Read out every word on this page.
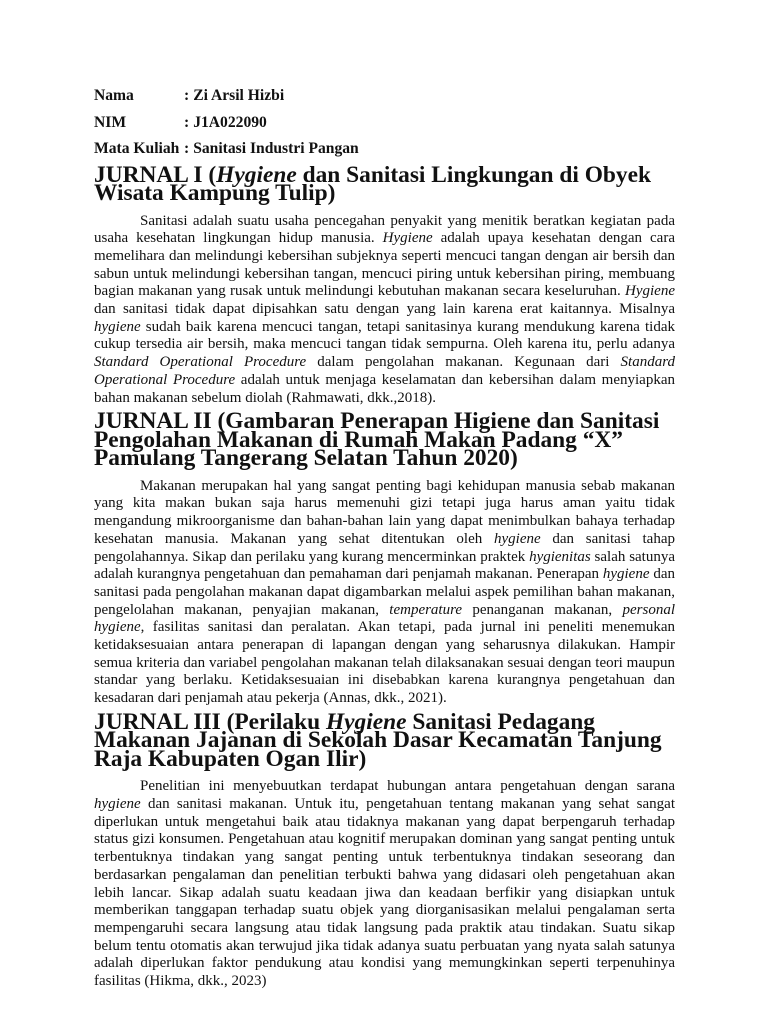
Nama	: Zi Arsil Hizbi
NIM	: J1A022090
Mata Kuliah : Sanitasi Industri Pangan
JURNAL I (Hygiene dan Sanitasi Lingkungan di Obyek Wisata Kampung Tulip)

Sanitasi adalah suatu usaha pencegahan penyakit yang menitik beratkan kegiatan pada usaha kesehatan lingkungan hidup manusia. Hygiene adalah upaya kesehatan dengan cara memelihara dan melindungi kebersihan subjeknya seperti mencuci tangan dengan air bersih dan sabun untuk melindungi kebersihan tangan, mencuci piring untuk kebersihan piring, membuang bagian makanan yang rusak untuk melindungi kebutuhan makanan secara keseluruhan. Hygiene dan sanitasi tidak dapat dipisahkan satu dengan yang lain karena erat kaitannya. Misalnya hygiene sudah baik karena mencuci tangan, tetapi sanitasinya kurang mendukung karena tidak cukup tersedia air bersih, maka mencuci tangan tidak sempurna. Oleh karena itu, perlu adanya Standard Operational Procedure dalam pengolahan makanan. Kegunaan dari Standard Operational Procedure adalah untuk menjaga keselamatan dan kebersihan dalam menyiapkan bahan makanan sebelum diolah (Rahmawati, dkk.,2018).

JURNAL II (Gambaran Penerapan Higiene dan Sanitasi Pengolahan Makanan di Rumah Makan Padang “X” Pamulang Tangerang Selatan Tahun 2020)

Makanan merupakan hal yang sangat penting bagi kehidupan manusia sebab makanan yang kita makan bukan saja harus memenuhi gizi tetapi juga harus aman yaitu tidak mengandung mikroorganisme dan bahan-bahan lain yang dapat menimbulkan bahaya terhadap kesehatan manusia. Makanan yang sehat ditentukan oleh hygiene dan sanitasi tahap pengolahannya. Sikap dan perilaku yang kurang mencerminkan praktek hygienitas salah satunya adalah kurangnya pengetahuan dan pemahaman dari penjamah makanan. Penerapan hygiene dan sanitasi pada pengolahan makanan dapat digambarkan melalui aspek pemilihan bahan makanan, pengelolahan makanan, penyajian makanan, temperature penanganan makanan, personal hygiene, fasilitas sanitasi dan peralatan. Akan tetapi, pada jurnal ini peneliti menemukan ketidaksesuaian antara penerapan di lapangan dengan yang seharusnya dilakukan. Hampir semua kriteria dan variabel pengolahan makanan telah dilaksanakan sesuai dengan teori maupun standar yang berlaku. Ketidaksesuaian ini disebabkan karena kurangnya pengetahuan dan kesadaran dari penjamah atau pekerja (Annas, dkk., 2021).

JURNAL III (Perilaku Hygiene Sanitasi Pedagang Makanan Jajanan di Sekolah Dasar Kecamatan Tanjung Raja Kabupaten Ogan Ilir)

Penelitian ini menyebuutkan terdapat hubungan antara pengetahuan dengan sarana hygiene dan sanitasi makanan. Untuk itu, pengetahuan tentang makanan yang sehat sangat diperlukan untuk mengetahui baik atau tidaknya makanan yang dapat berpengaruh terhadap status gizi konsumen. Pengetahuan atau kognitif merupakan dominan yang sangat penting untuk terbentuknya tindakan yang sangat penting untuk terbentuknya tindakan seseorang dan berdasarkan pengalaman dan penelitian terbukti bahwa yang didasari oleh pengetahuan akan lebih lancar. Sikap adalah suatu keadaan jiwa dan keadaan berfikir yang disiapkan untuk memberikan tanggapan terhadap suatu objek yang diorganisasikan melalui pengalaman serta mempengaruhi secara langsung atau tidak langsung pada praktik atau tindakan. Suatu sikap belum tentu otomatis akan terwujud jika tidak adanya suatu perbuatan yang nyata salah satunya adalah diperlukan faktor pendukung atau kondisi yang memungkinkan seperti terpenuhinya fasilitas (Hikma, dkk., 2023)
